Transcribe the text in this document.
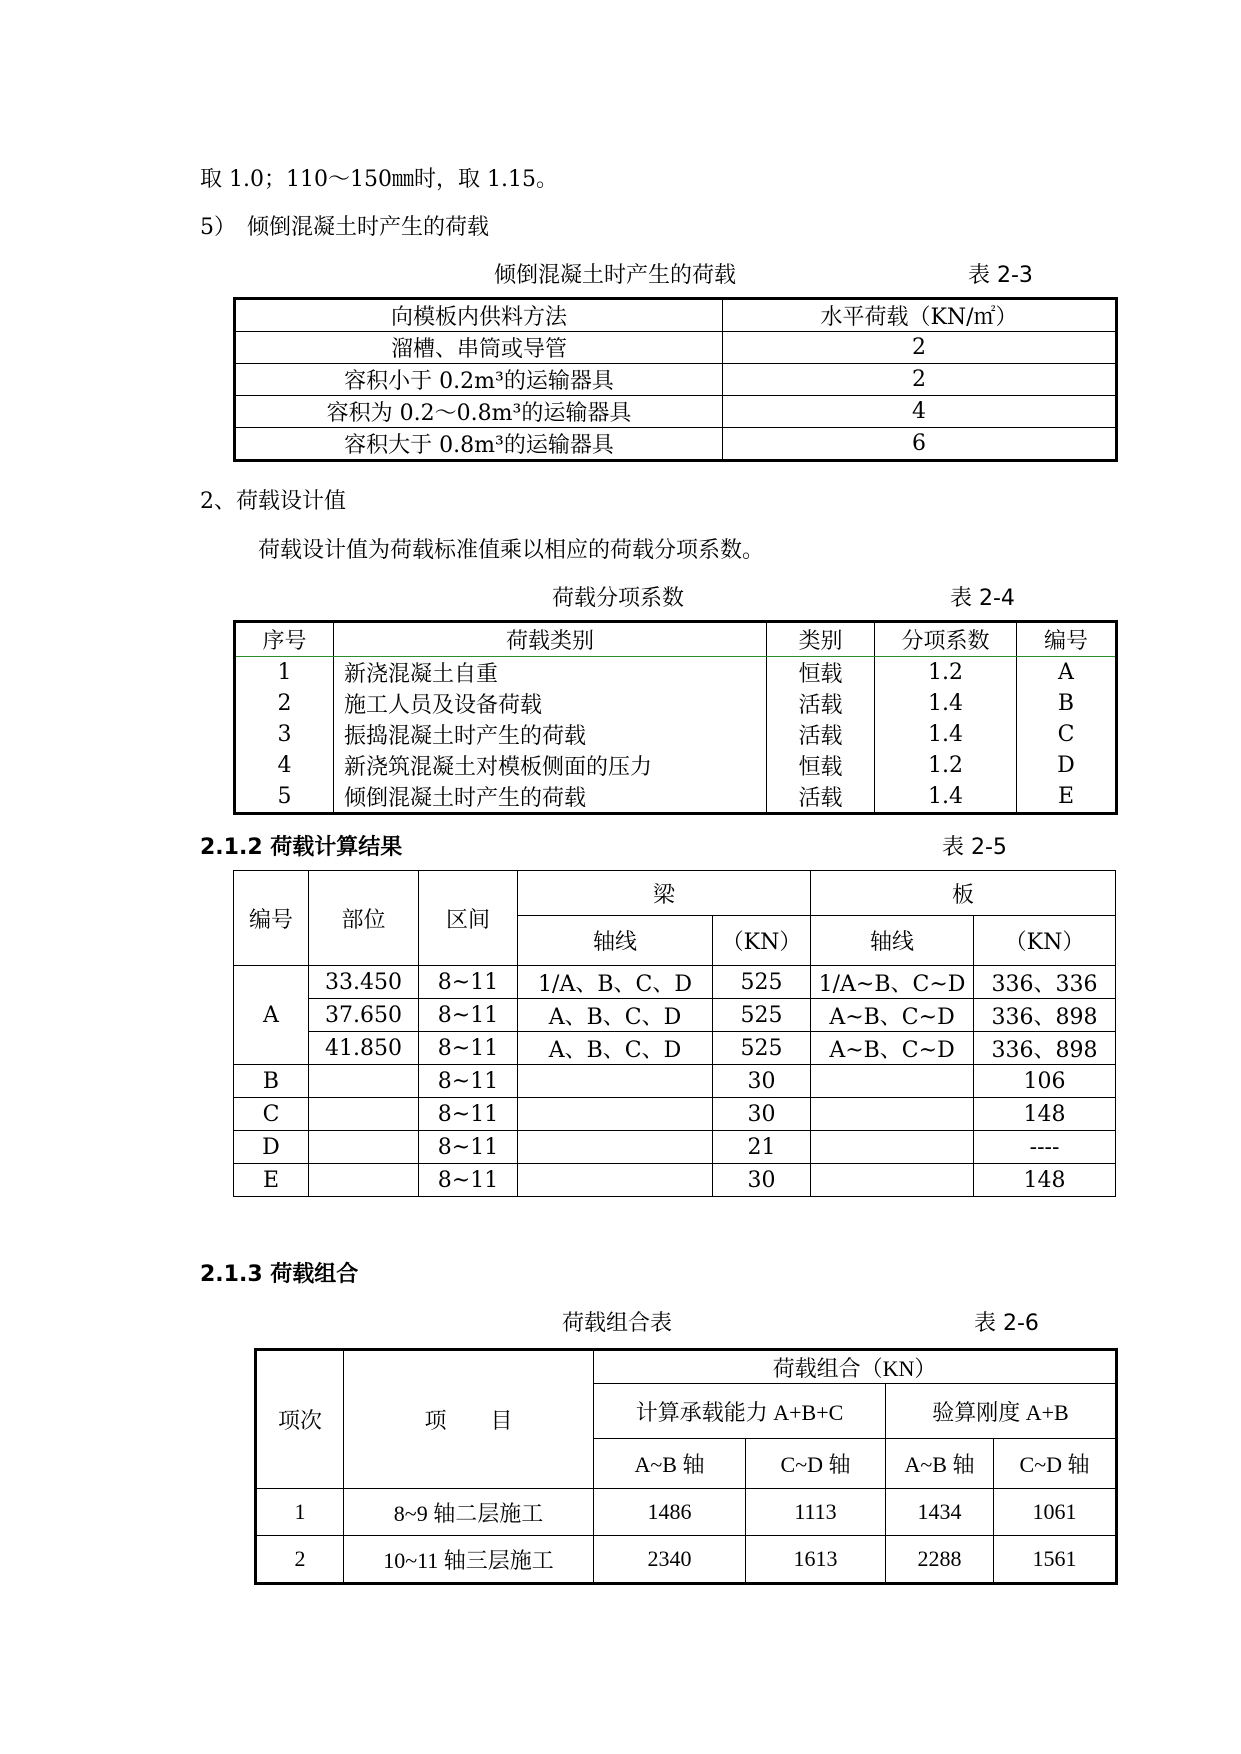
取 1.0；110～150㎜时，取 1.15。
5）　倾倒混凝土时产生的荷载
倾倒混凝土时产生的荷载	表 2-3
向模板内供料方法	水平荷载（KN/㎡）
溜槽、串筒或导管	2
容积小于 0.2m³的运输器具	2
容积为 0.2～0.8m³的运输器具	4
容积大于 0.8m³的运输器具	6
2、荷载设计值
荷载设计值为荷载标准值乘以相应的荷载分项系数。
荷载分项系数	表 2-4
序号	荷载类别	类别	分项系数	编号
1	新浇混凝土自重	恒载	1.2	A
2	施工人员及设备荷载	活载	1.4	B
3	振捣混凝土时产生的荷载	活载	1.4	C
4	新浇筑混凝土对模板侧面的压力	恒载	1.2	D
5	倾倒混凝土时产生的荷载	活载	1.4	E
2.1.2 荷载计算结果	表 2-5
编号	部位	区间	梁		板	
			轴线	（KN）	轴线	（KN）
A	33.450	8~11	1/A、B、C、D	525	1/A~B、C~D	336、336
	37.650	8~11	A、B、C、D	525	A~B、C~D	336、898
	41.850	8~11	A、B、C、D	525	A~B、C~D	336、898
B		8~11		30		106
C		8~11		30		148
D		8~11		21		----
E		8~11		30		148
2.1.3 荷载组合
荷载组合表	表 2-6
项次	项　　目	荷载组合（KN）			
		计算承载能力 A+B+C		验算刚度 A+B	
		A~B 轴	C~D 轴	A~B 轴	C~D 轴
1	8~9 轴二层施工	1486	1113	1434	1061
2	10~11 轴三层施工	2340	1613	2288	1561
